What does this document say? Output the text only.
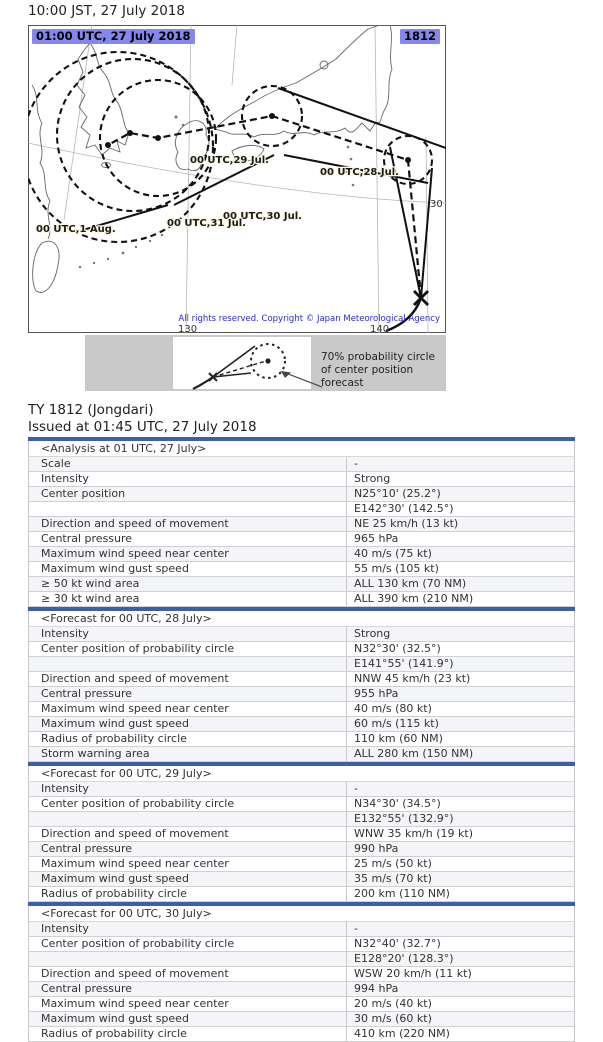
10:00 JST, 27 July 2018
00 UTC,28 Jul.
00 UTC,29 Jul.
00 UTC,30 Jul.
00 UTC,31 Jul.
00 UTC,1 Aug.
30
130	140
All rights reserved. Copyright © Japan Meteorological Agency
01:00 UTC, 27 July 2018	1812
70% probability circle
of center position forecast
TY 1812 (Jongdari)
Issued at 01:45 UTC, 27 July 2018
<Analysis at 01 UTC, 27 July>
Scale	-
Intensity	Strong
Center position	N25°10' (25.2°)
E142°30' (142.5°)
Direction and speed of movement	NE 25 km/h (13 kt)
Central pressure	965 hPa
Maximum wind speed near center	40 m/s (75 kt)
Maximum wind gust speed	55 m/s (105 kt)
≥ 50 kt wind area	ALL 130 km (70 NM)
≥ 30 kt wind area	ALL 390 km (210 NM)
<Forecast for 00 UTC, 28 July>
Intensity	Strong
Center position of probability circle	N32°30' (32.5°)
E141°55' (141.9°)
Direction and speed of movement	NNW 45 km/h (23 kt)
Central pressure	955 hPa
Maximum wind speed near center	40 m/s (80 kt)
Maximum wind gust speed	60 m/s (115 kt)
Radius of probability circle	110 km (60 NM)
Storm warning area	ALL 280 km (150 NM)
<Forecast for 00 UTC, 29 July>
Intensity	-
Center position of probability circle	N34°30' (34.5°)
E132°55' (132.9°)
Direction and speed of movement	WNW 35 km/h (19 kt)
Central pressure	990 hPa
Maximum wind speed near center	25 m/s (50 kt)
Maximum wind gust speed	35 m/s (70 kt)
Radius of probability circle	200 km (110 NM)
<Forecast for 00 UTC, 30 July>
Intensity	-
Center position of probability circle	N32°40' (32.7°)
E128°20' (128.3°)
Direction and speed of movement	WSW 20 km/h (11 kt)
Central pressure	994 hPa
Maximum wind speed near center	20 m/s (40 kt)
Maximum wind gust speed	30 m/s (60 kt)
Radius of probability circle	410 km (220 NM)
